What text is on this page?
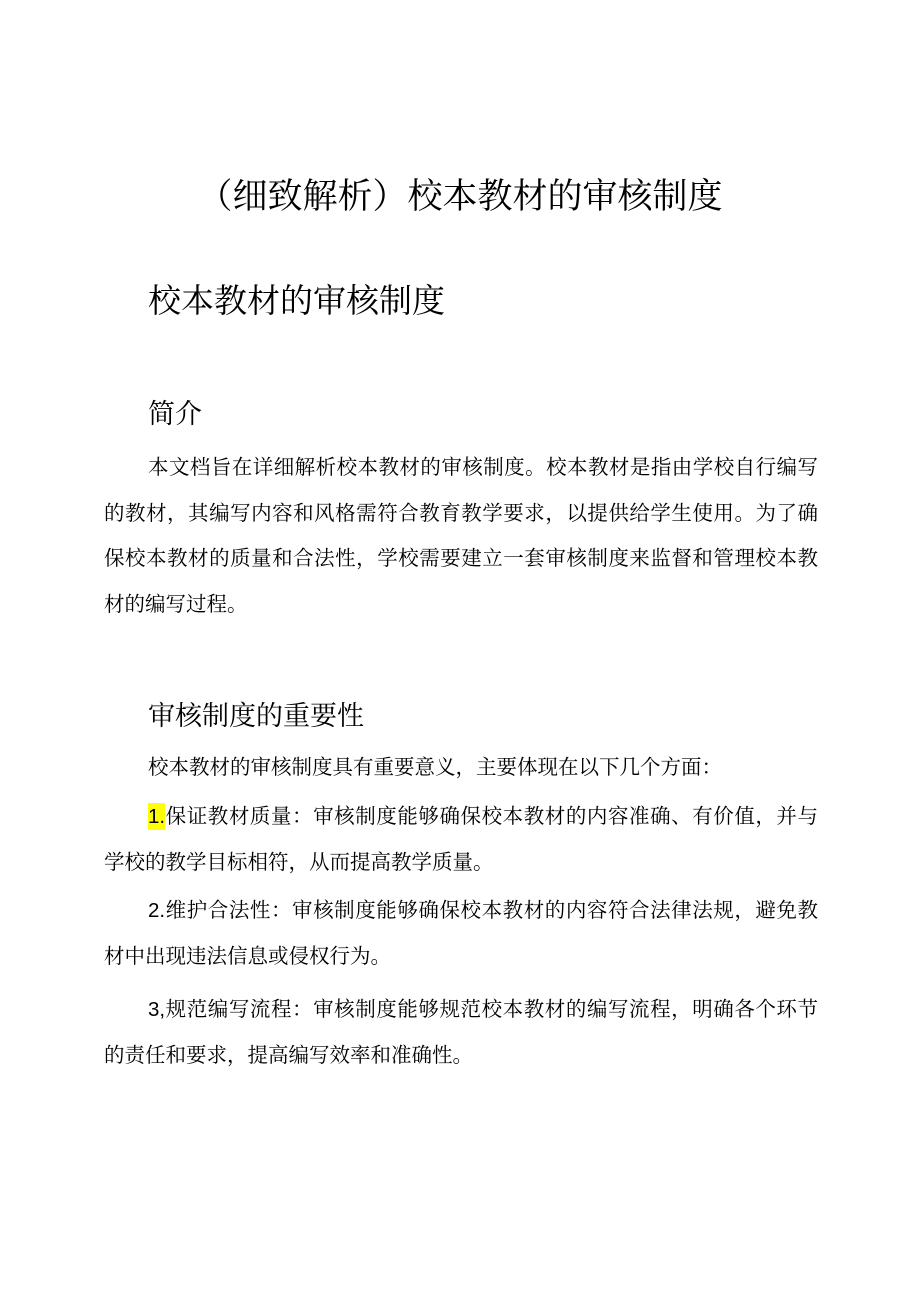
（细致解析）校本教材的审核制度
校本教材的审核制度
简介

本文档旨在详细解析校本教材的审核制度。校本教材是指由学校自行编写的教材，其编写内容和风格需符合教育教学要求，以提供给学生使用。为了确保校本教材的质量和合法性，学校需要建立一套审核制度来监督和管理校本教材的编写过程。

审核制度的重要性

校本教材的审核制度具有重要意义，主要体现在以下几个方面：

1.保证教材质量：审核制度能够确保校本教材的内容准确、有价值，并与学校的教学目标相符，从而提高教学质量。

2.维护合法性：审核制度能够确保校本教材的内容符合法律法规，避免教材中出现违法信息或侵权行为。

3,规范编写流程：审核制度能够规范校本教材的编写流程，明确各个环节的责任和要求，提高编写效率和准确性。
